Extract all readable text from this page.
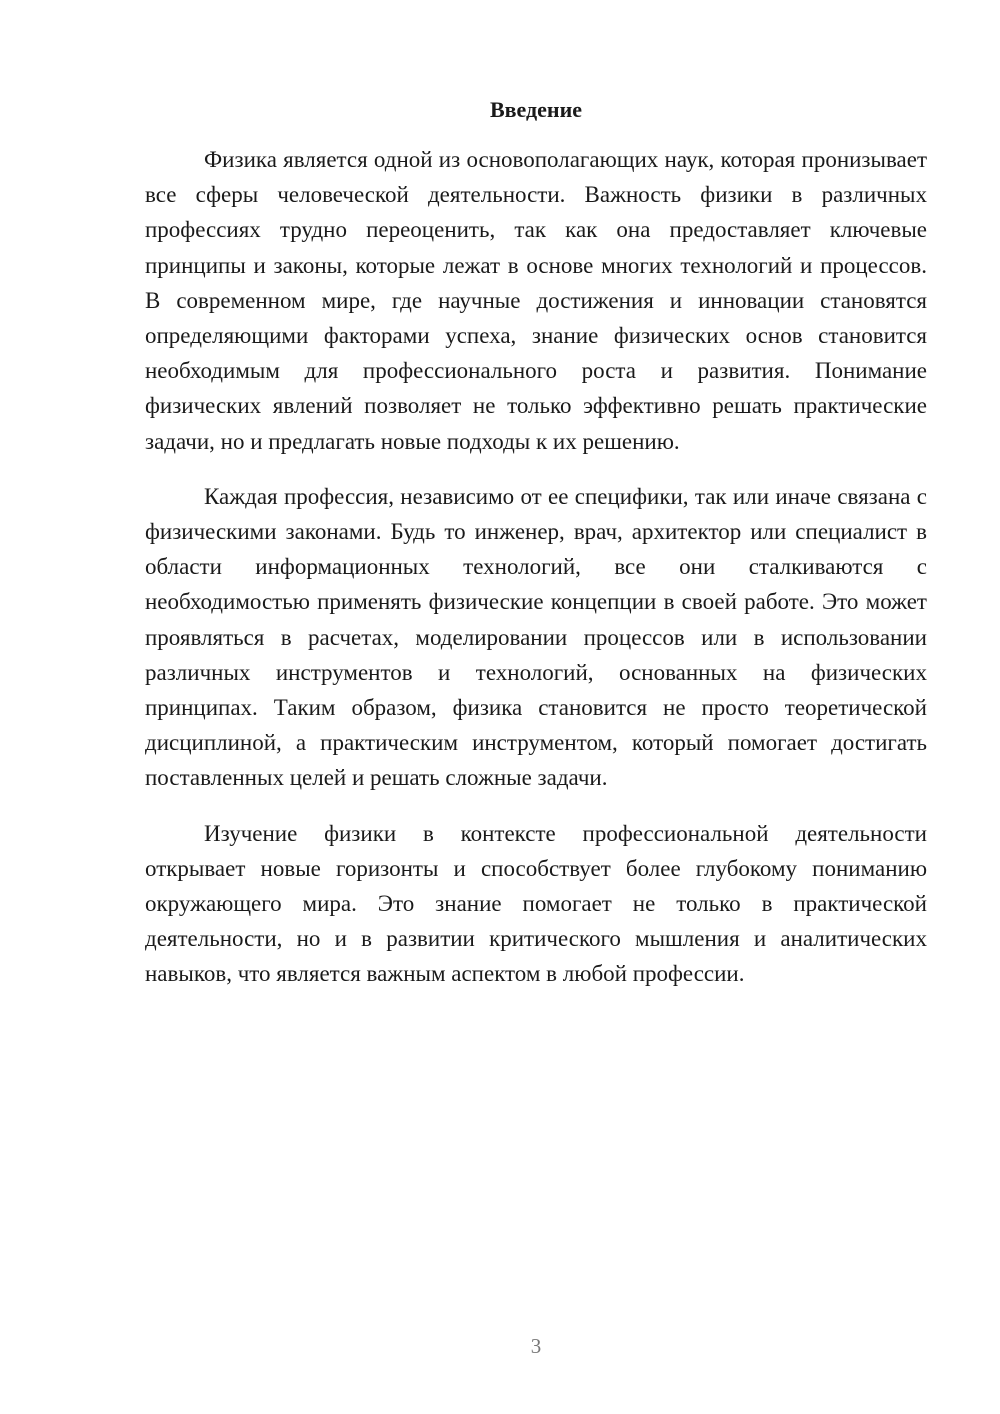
Введение

Физика является одной из основополагающих наук, которая пронизывает все сферы человеческой деятельности. Важность физики в различных профессиях трудно переоценить, так как она предоставляет ключевые принципы и законы, которые лежат в основе многих технологий и процессов. В современном мире, где научные достижения и инновации становятся определяющими факторами успеха, знание физических основ становится необходимым для профессионального роста и развития. Понимание физических явлений позволяет не только эффективно решать практические задачи, но и предлагать новые подходы к их решению.

Каждая профессия, независимо от ее специфики, так или иначе связана с физическими законами. Будь то инженер, врач, архитектор или специалист в области информационных технологий, все они сталкиваются с необходимостью применять физические концепции в своей работе. Это может проявляться в расчетах, моделировании процессов или в использовании различных инструментов и технологий, основанных на физических принципах. Таким образом, физика становится не просто теоретической дисциплиной, а практическим инструментом, который помогает достигать поставленных целей и решать сложные задачи.

Изучение физики в контексте профессиональной деятельности открывает новые горизонты и способствует более глубокому пониманию окружающего мира. Это знание помогает не только в практической деятельности, но и в развитии критического мышления и аналитических навыков, что является важным аспектом в любой профессии.

3
